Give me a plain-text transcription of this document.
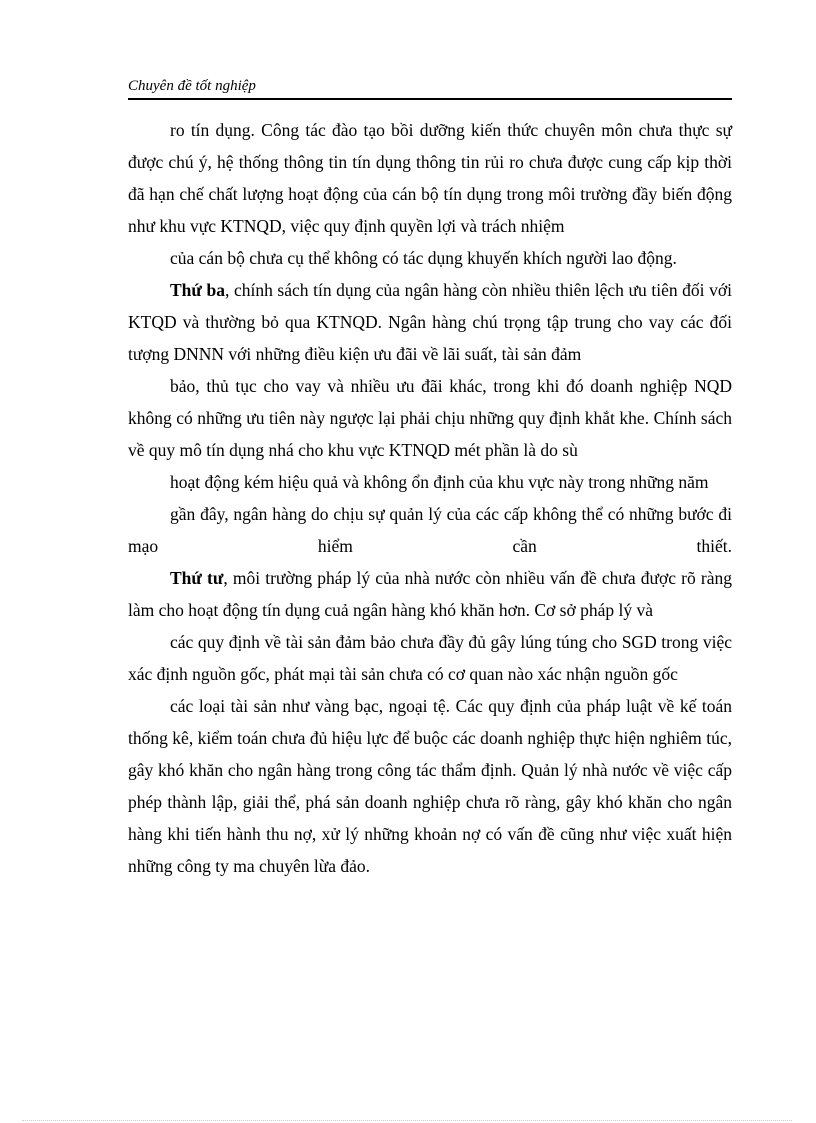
Chuyên đề tốt nghiệp

ro tín dụng. Công tác đào tạo bồi dưỡng kiến thức chuyên môn chưa thực sự được chú ý, hệ thống thông tin tín dụng thông tin rủi ro chưa được cung cấp kịp thời đã hạn chế chất lượng hoạt động của cán bộ tín dụng trong môi trường đầy biến động như khu vực KTNQD, việc quy định quyền lợi và trách nhiệm

của cán bộ chưa cụ thể không có tác dụng khuyến khích người lao động.

Thứ ba, chính sách tín dụng của ngân hàng còn nhiều thiên lệch ưu tiên đối với KTQD và thường bỏ qua KTNQD. Ngân hàng chú trọng tập trung cho vay các đối tượng DNNN với những điều kiện ưu đãi về lãi suất, tài sản đảm

bảo, thủ tục cho vay và nhiều ưu đãi khác, trong khi đó doanh nghiệp NQD không có những ưu tiên này ngược lại phải chịu những quy định khắt khe. Chính sách về quy mô tín dụng nhá cho khu vực KTNQD mét phần là do sù

hoạt động kém hiệu quả và không ổn định của khu vực này trong những năm

gần đây, ngân hàng do chịu sự quản lý của các cấp không thể có những bước đi mạo hiểm cần thiết.

Thứ tư, môi trường pháp lý của nhà nước còn nhiều vấn đề chưa được rõ ràng làm cho hoạt động tín dụng cuả ngân hàng khó khăn hơn. Cơ sở pháp lý và

các quy định về tài sản đảm bảo chưa đầy đủ gây lúng túng cho SGD trong việc xác định nguồn gốc, phát mại tài sản chưa có cơ quan nào xác nhận nguồn gốc

các loại tài sản như vàng bạc, ngoại tệ. Các quy định của pháp luật về kế toán thống kê, kiểm toán chưa đủ hiệu lực để buộc các doanh nghiệp thực hiện nghiêm túc, gây khó khăn cho ngân hàng trong công tác thẩm định. Quản lý nhà nước về việc cấp phép thành lập, giải thể, phá sản doanh nghiệp chưa rõ ràng, gây khó khăn cho ngân hàng khi tiến hành thu nợ, xử lý những khoản nợ có vấn đề cũng như việc xuất hiện những công ty ma chuyên lừa đảo.
